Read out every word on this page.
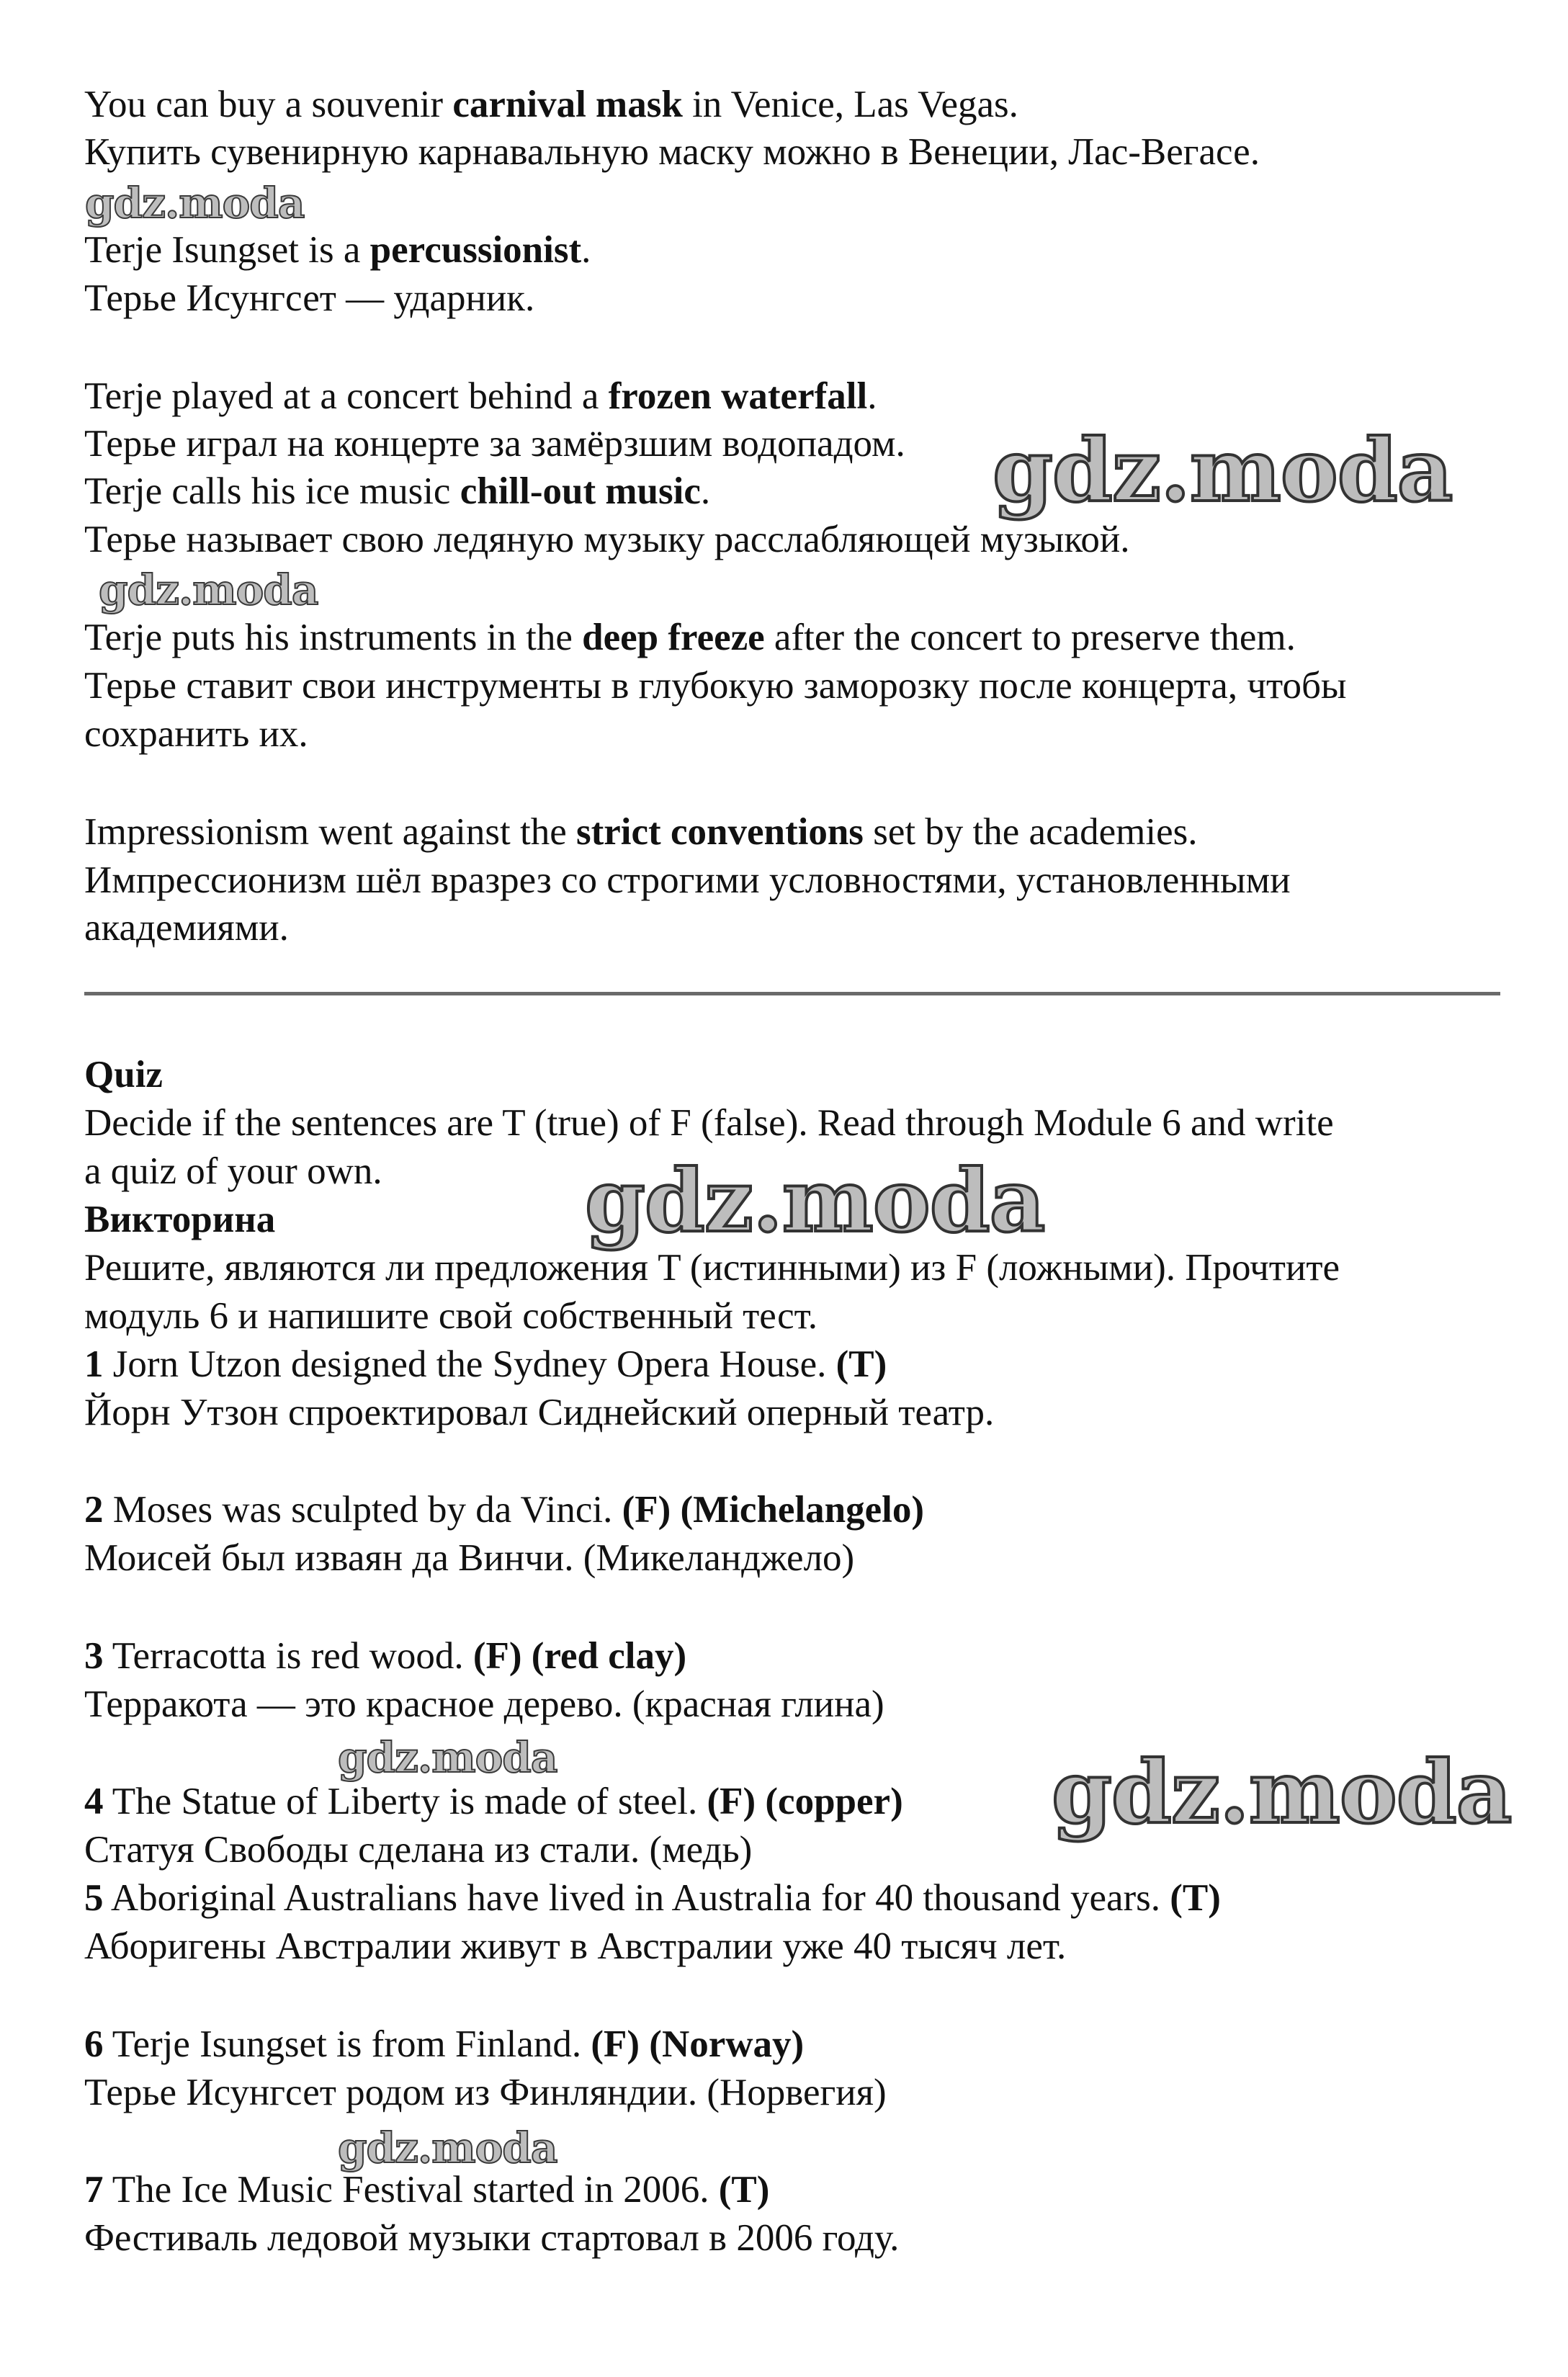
You can buy a souvenir carnival mask in Venice, Las Vegas.

Купить сувенирную карнавальную маску можно в Венеции, Лас-Вегасе.

Terje Isungset is a percussionist.

Терье Исунгсет — ударник.

Terje played at a concert behind a frozen waterfall.

Терье играл на концерте за замёрзшим водопадом.

Terje calls his ice music chill-out music.

Терье называет свою ледяную музыку расслабляющей музыкой.

Terje puts his instruments in the deep freeze after the concert to preserve them.

Терье ставит свои инструменты в глубокую заморозку после концерта, чтобы

сохранить их.

Impressionism went against the strict conventions set by the academies.

Импрессионизм шёл вразрез со строгими условностями, установленными

академиями.

Quiz

Decide if the sentences are T (true) of F (false). Read through Module 6 and write

a quiz of your own.

Викторина

Решите, являются ли предложения T (истинными) из F (ложными). Прочтите

модуль 6 и напишите свой собственный тест.

1 Jorn Utzon designed the Sydney Opera House. (T)

Йорн Утзон спроектировал Сиднейский оперный театр.

2 Moses was sculpted by da Vinci. (F) (Michelangelo)

Моисей был изваян да Винчи. (Микеланджело)

3 Terracotta is red wood. (F) (red clay)

Терракота — это красное дерево. (красная глина)

4 The Statue of Liberty is made of steel. (F) (copper)

Статуя Свободы сделана из стали. (медь)

5 Aboriginal Australians have lived in Australia for 40 thousand years. (T)

Аборигены Австралии живут в Австралии уже 40 тысяч лет.

6 Terje Isungset is from Finland. (F) (Norway)

Терье Исунгсет родом из Финляндии. (Норвегия)

7 The Ice Music Festival started in 2006. (T)

Фестиваль ледовой музыки стартовал в 2006 году.

gdz.moda
gdz.moda
gdz.moda
gdz.moda
gdz.moda	gdz.moda
gdz.moda
